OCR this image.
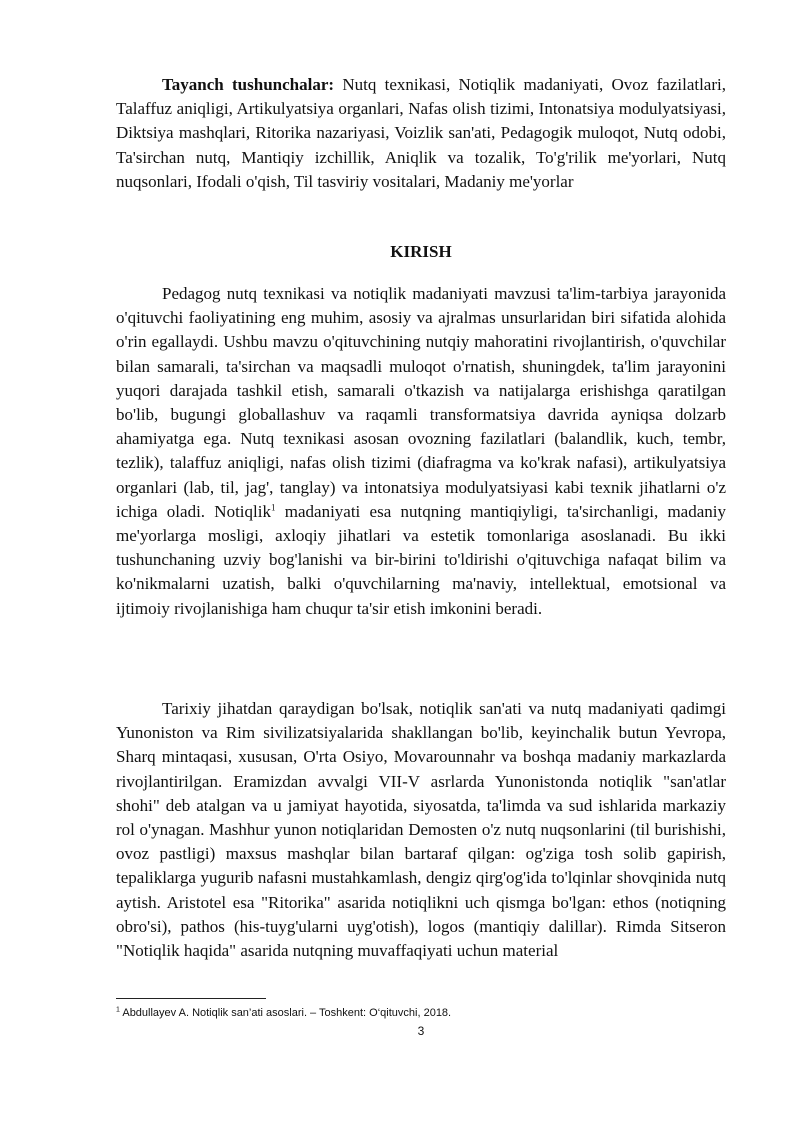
Tayanch tushunchalar: Nutq texnikasi, Notiqlik madaniyati, Ovoz fazilatlari, Talaffuz aniqligi, Artikulyatsiya organlari, Nafas olish tizimi, Intonatsiya modulyatsiyasi, Diktsiya mashqlari, Ritorika nazariyasi, Voizlik san'ati, Pedagogik muloqot, Nutq odobi, Ta'sirchan nutq, Mantiqiy izchillik, Aniqlik va tozalik, To'g'rilik me'yorlari, Nutq nuqsonlari, Ifodali o'qish, Til tasviriy vositalari, Madaniy me'yorlar

KIRISH

Pedagog nutq texnikasi va notiqlik madaniyati mavzusi ta'lim-tarbiya jarayonida o'qituvchi faoliyatining eng muhim, asosiy va ajralmas unsurlaridan biri sifatida alohida o'rin egallaydi. Ushbu mavzu o'qituvchining nutqiy mahoratini rivojlantirish, o'quvchilar bilan samarali, ta'sirchan va maqsadli muloqot o'rnatish, shuningdek, ta'lim jarayonini yuqori darajada tashkil etish, samarali o'tkazish va natijalarga erishishga qaratilgan bo'lib, bugungi globallashuv va raqamli transformatsiya davrida ayniqsa dolzarb ahamiyatga ega. Nutq texnikasi asosan ovozning fazilatlari (balandlik, kuch, tembr, tezlik), talaffuz aniqligi, nafas olish tizimi (diafragma va ko'krak nafasi), artikulyatsiya organlari (lab, til, jag', tanglay) va intonatsiya modulyatsiyasi kabi texnik jihatlarni o'z ichiga oladi. Notiqlik$^1$ madaniyati esa nutqning mantiqiyligi, ta'sirchanligi, madaniy me'yorlarga mosligi, axloqiy jihatlari va estetik tomonlariga asoslanadi. Bu ikki tushunchaning uzviy bog'lanishi va bir-birini to'ldirishi o'qituvchiga nafaqat bilim va ko'nikmalarni uzatish, balki o'quvchilarning ma'naviy, intellektual, emotsional va ijtimoiy rivojlanishiga ham chuqur ta'sir etish imkonini beradi.

Tarixiy jihatdan qaraydigan bo'lsak, notiqlik san'ati va nutq madaniyati qadimgi Yunoniston va Rim sivilizatsiyalarida shakllangan bo'lib, keyinchalik butun Yevropa, Sharq mintaqasi, xususan, O'rta Osiyo, Movarounnahr va boshqa madaniy markazlarda rivojlantirilgan. Eramizdan avvalgi VII-V asrlarda Yunonistonda notiqlik "san'atlar shohi" deb atalgan va u jamiyat hayotida, siyosatda, ta'limda va sud ishlarida markaziy rol o'ynagan. Mashhur yunon notiqlaridan Demosten o'z nutq nuqsonlarini (til burishishi, ovoz pastligi) maxsus mashqlar bilan bartaraf qilgan: og'ziga tosh solib gapirish, tepaliklarga yugurib nafasni mustahkamlash, dengiz qirg'og'ida to'lqinlar shovqinida nutq aytish. Aristotel esa "Ritorika" asarida notiqlikni uch qismga bo'lgan: ethos (notiqning obro'si), pathos (his-tuyg'ularni uyg'otish), logos (mantiqiy dalillar). Rimda Sitseron "Notiqlik haqida" asarida nutqning muvaffaqiyati uchun material

$^1$ Abdullayev A. Notiqlik san’ati asoslari. – Toshkent: O‘qituvchi, 2018.
3
